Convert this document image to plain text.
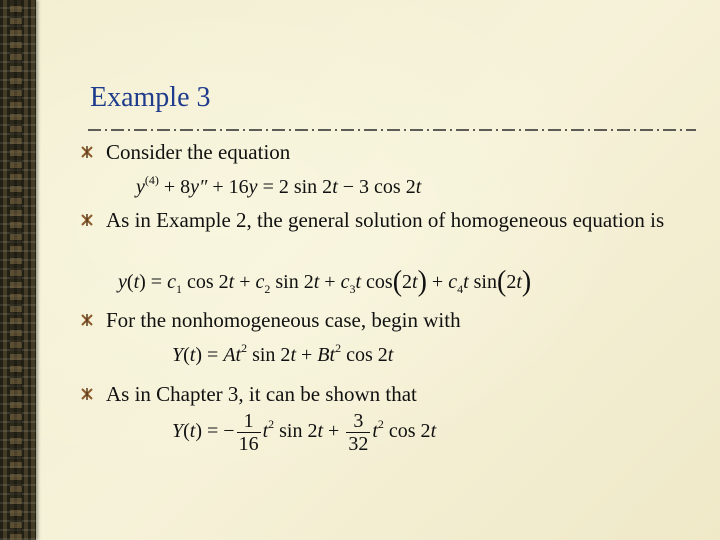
Example 3
Consider the equation
$y^{(4)} + 8y'' + 16y = 2$ sin 2t − 3 cos 2t
As in Example 2, the general solution of homogeneous equation is
$y(t) = c_1$ $\cos 2t + c_2$ $\sin 2t + c_3t$ $\cos(2t) + c_4t$ sin(2t)
For the nonhomogeneous case, begin with
$Y(t) = At^2$ $\sin 2t + Bt^2$ cos 2t
As in Chapter 3, it can be shown that
Y(t) = − $\frac{1}{16} t^2$ $\sin 2t + \frac{3}{32} t^2$ cos 2t
